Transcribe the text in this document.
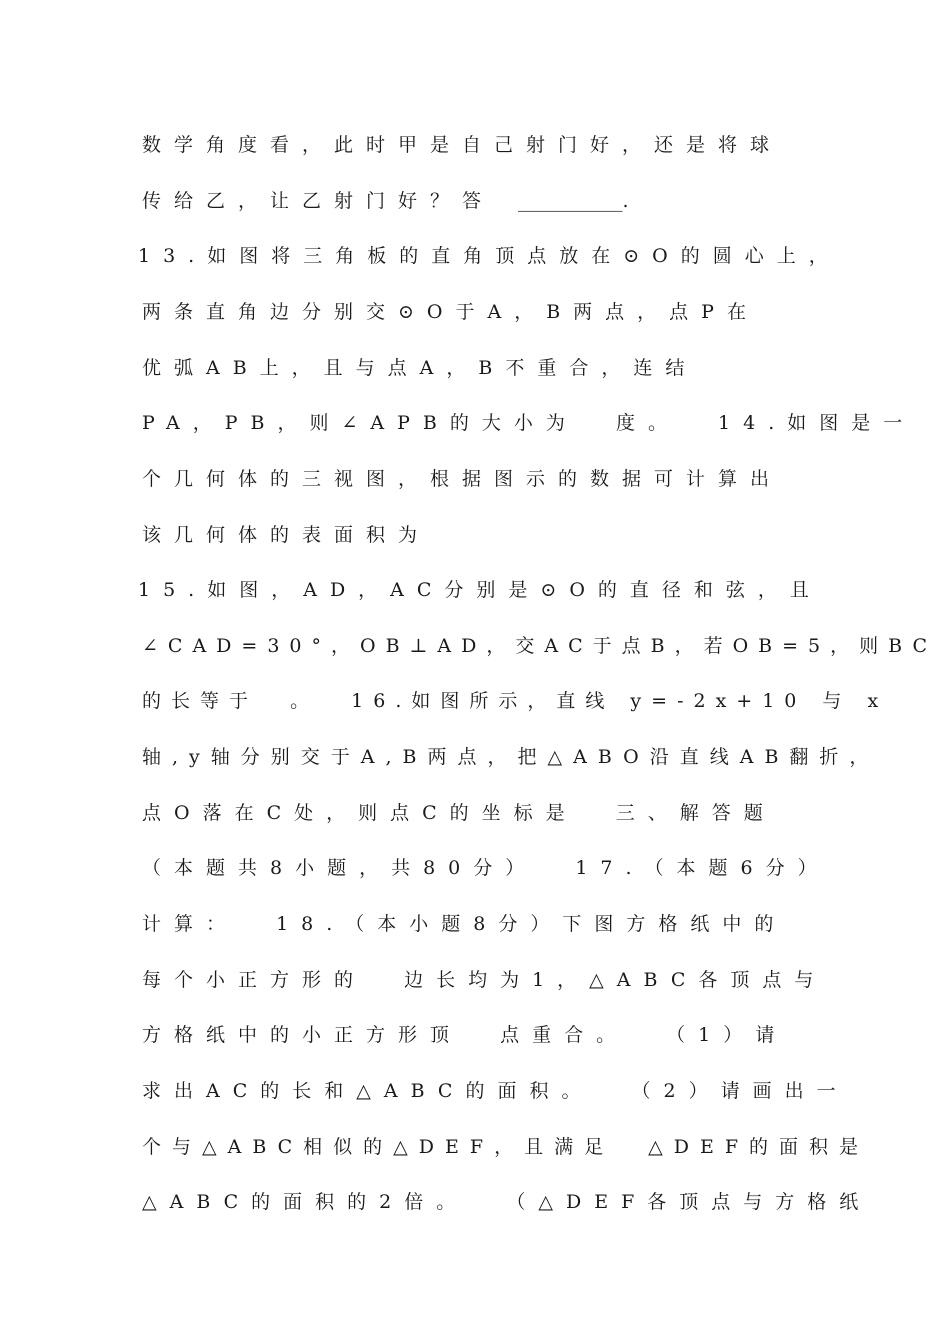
数学角度看，此时甲是自己射门好，还是将球
传给乙，让乙射门好？答 ___________.
13.如图将三角板的直角顶点放在⊙O的圆心上，
两条直角边分别交⊙O于A，B两点，点P在
优弧AB上，且与点A，B不重合，连结
PA，PB，则∠APB的大小为  度。  14.如图是一
个几何体的三视图，根据图示的数据可计算出
该几何体的表面积为
15.如图，AD，AC分别是⊙O的直径和弦，且
∠CAD=30°，OB⊥AD，交AC于点B，若OB=5，则BC
的长等于  。  16.如图所示，直线 y=-2x+10 与 x
轴,y轴分别交于A,B两点，把△ABO沿直线AB翻折，
点O落在C处，则点C的坐标是  三、解答题
（本题共8小题，共80分）  17.（本题6分）
计算：  18.（本小题8分）下图方格纸中的
每个小正方形的  边长均为1，△ABC各顶点与
方格纸中的小正方形顶  点重合。  （1）请
求出AC的长和△ABC的面积。  （2）请画出一
个与△ABC相似的△DEF，且满足  △DEF的面积是
△ABC的面积的2倍。  （△DEF各顶点与方格纸
